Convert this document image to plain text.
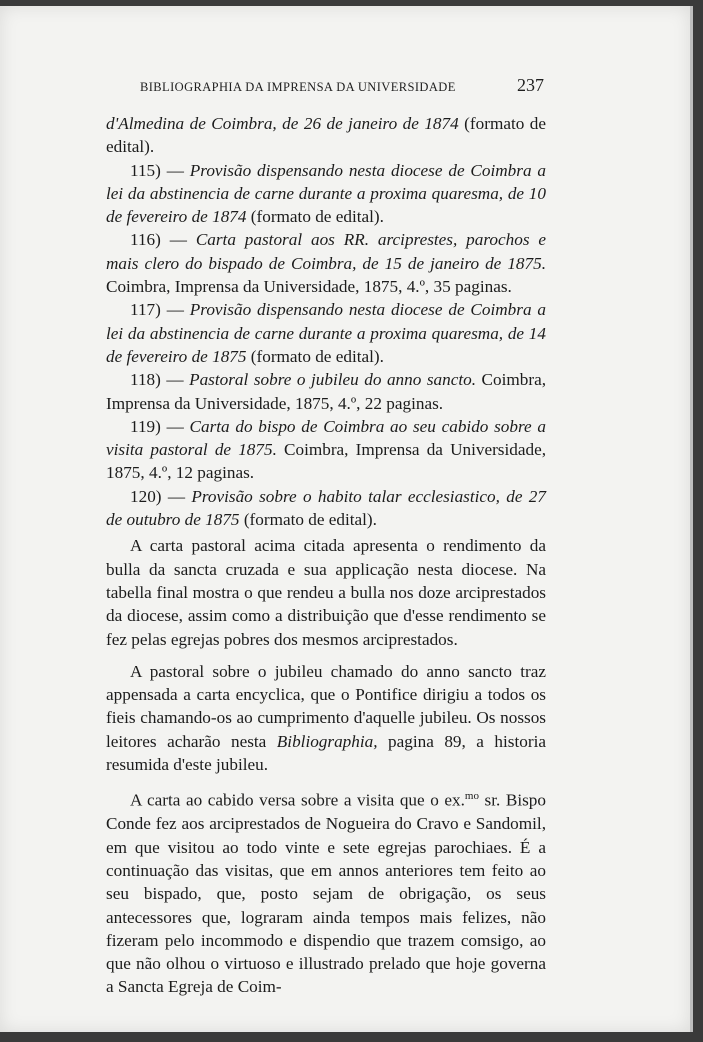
BIBLIOGRAPHIA DA IMPRENSA DA UNIVERSIDADE	237

d'Almedina de Coimbra, de 26 de janeiro de 1874 (formato de edital).

115) — Provisão dispensando nesta diocese de Coimbra a lei da abstinencia de carne durante a proxima quaresma, de 10 de fevereiro de 1874 (formato de edital).

116) — Carta pastoral aos RR. arciprestes, parochos e mais clero do bispado de Coimbra, de 15 de janeiro de 1875. Coimbra, Imprensa da Universidade, 1875, 4.º, 35 paginas.

117) — Provisão dispensando nesta diocese de Coimbra a lei da abstinencia de carne durante a proxima quaresma, de 14 de fevereiro de 1875 (formato de edital).

118) — Pastoral sobre o jubileu do anno sancto. Coimbra, Imprensa da Universidade, 1875, 4.º, 22 paginas.

119) — Carta do bispo de Coimbra ao seu cabido sobre a visita pastoral de 1875. Coimbra, Imprensa da Universidade, 1875, 4.º, 12 paginas.

120) — Provisão sobre o habito talar ecclesiastico, de 27 de outubro de 1875 (formato de edital).

A carta pastoral acima citada apresenta o rendimento da bulla da sancta cruzada e sua applicação nesta diocese. Na tabella final mostra o que rendeu a bulla nos doze arciprestados da diocese, assim como a distribuição que d'esse rendimento se fez pelas egrejas pobres dos mesmos arciprestados.

A pastoral sobre o jubileu chamado do anno sancto traz appensada a carta encyclica, que o Pontifice dirigiu a todos os fieis chamando-os ao cumprimento d'aquelle jubileu. Os nossos leitores acharão nesta Bibliographia, pagina 89, a historia resumida d'este jubileu.

A carta ao cabido versa sobre a visita que o ex.$^{mo}$ sr. Bispo Conde fez aos arciprestados de Nogueira do Cravo e Sandomil, em que visitou ao todo vinte e sete egrejas parochiaes. É a continuação das visitas, que em annos anteriores tem feito ao seu bispado, que, posto sejam de obrigação, os seus antecessores que, lograram ainda tempos mais felizes, não fizeram pelo incommodo e dispendio que trazem comsigo, ao que não olhou o virtuoso e illustrado prelado que hoje governa a Sancta Egreja de Coim-
